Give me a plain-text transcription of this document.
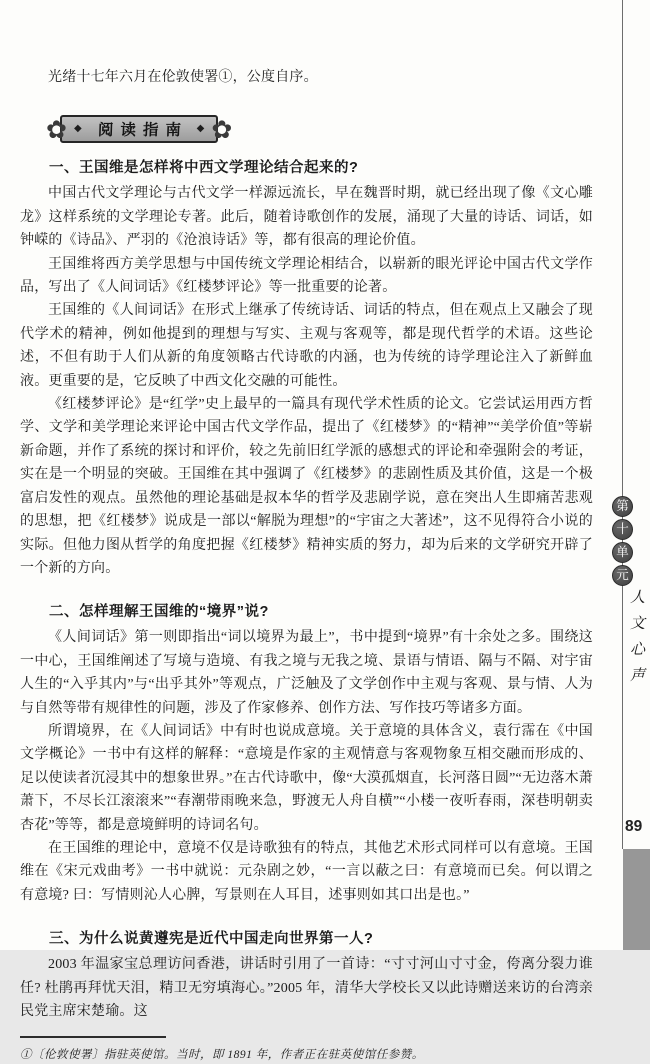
光绪十七年六月在伦敦使署①，公度自序。

✿ ◆	阅读指南 ◆ ✿
一、王国维是怎样将中西文学理论结合起来的?

中国古代文学理论与古代文学一样源远流长，早在魏晋时期，就已经出现了像《文心雕龙》这样系统的文学理论专著。此后，随着诗歌创作的发展，涌现了大量的诗话、词话，如钟嵘的《诗品》、严羽的《沧浪诗话》等，都有很高的理论价值。

王国维将西方美学思想与中国传统文学理论相结合，以崭新的眼光评论中国古代文学作品，写出了《人间词话》《红楼梦评论》等一批重要的论著。

王国维的《人间词话》在形式上继承了传统诗话、词话的特点，但在观点上又融会了现代学术的精神，例如他提到的理想与写实、主观与客观等，都是现代哲学的术语。这些论述，不但有助于人们从新的角度领略古代诗歌的内涵，也为传统的诗学理论注入了新鲜血液。更重要的是，它反映了中西文化交融的可能性。

《红楼梦评论》是“红学”史上最早的一篇具有现代学术性质的论文。它尝试运用西方哲学、文学和美学理论来评论中国古代文学作品，提出了《红楼梦》的“精神”“美学价值”等崭新命题，并作了系统的探讨和评价，较之先前旧红学派的感想式的评论和牵强附会的考证，实在是一个明显的突破。王国维在其中强调了《红楼梦》的悲剧性质及其价值，这是一个极富启发性的观点。虽然他的理论基础是叔本华的哲学及悲剧学说，意在突出人生即痛苦悲观的思想，把《红楼梦》说成是一部以“解脱为理想”的“宇宙之大著述”，这不见得符合小说的实际。但他力图从哲学的角度把握《红楼梦》精神实质的努力，却为后来的文学研究开辟了一个新的方向。

二、怎样理解王国维的“境界”说?

《人间词话》第一则即指出“词以境界为最上”，书中提到“境界”有十余处之多。围绕这一中心，王国维阐述了写境与造境、有我之境与无我之境、景语与情语、隔与不隔、对宇宙人生的“入乎其内”与“出乎其外”等观点，广泛触及了文学创作中主观与客观、景与情、人为与自然等带有规律性的问题，涉及了作家修养、创作方法、写作技巧等诸多方面。

所谓境界，在《人间词话》中有时也说成意境。关于意境的具体含义，袁行霈在《中国文学概论》一书中有这样的解释：“意境是作家的主观情意与客观物象互相交融而形成的、足以使读者沉浸其中的想象世界。”在古代诗歌中，像“大漠孤烟直，长河落日圆”“无边落木萧萧下，不尽长江滚滚来”“春潮带雨晚来急，野渡无人舟自横”“小楼一夜听春雨，深巷明朝卖杏花”等等，都是意境鲜明的诗词名句。

在王国维的理论中，意境不仅是诗歌独有的特点，其他艺术形式同样可以有意境。王国维在《宋元戏曲考》一书中就说：元杂剧之妙，“一言以蔽之曰：有意境而已矣。何以谓之有意境? 曰：写情则沁人心脾，写景则在人耳目，述事则如其口出是也。”

三、为什么说黄遵宪是近代中国走向世界第一人?

2003 年温家宝总理访问香港，讲话时引用了一首诗：“寸寸河山寸寸金，侉离分裂力谁任? 杜鹃再拜忧天泪，精卫无穷填海心。”2005 年，清华大学校长又以此诗赠送来访的台湾亲民党主席宋楚瑜。这

①〔伦敦使署〕指驻英使馆。当时，即 1891 年，作者正在驻英使馆任参赞。

第
十
单
元
人文心声
89
